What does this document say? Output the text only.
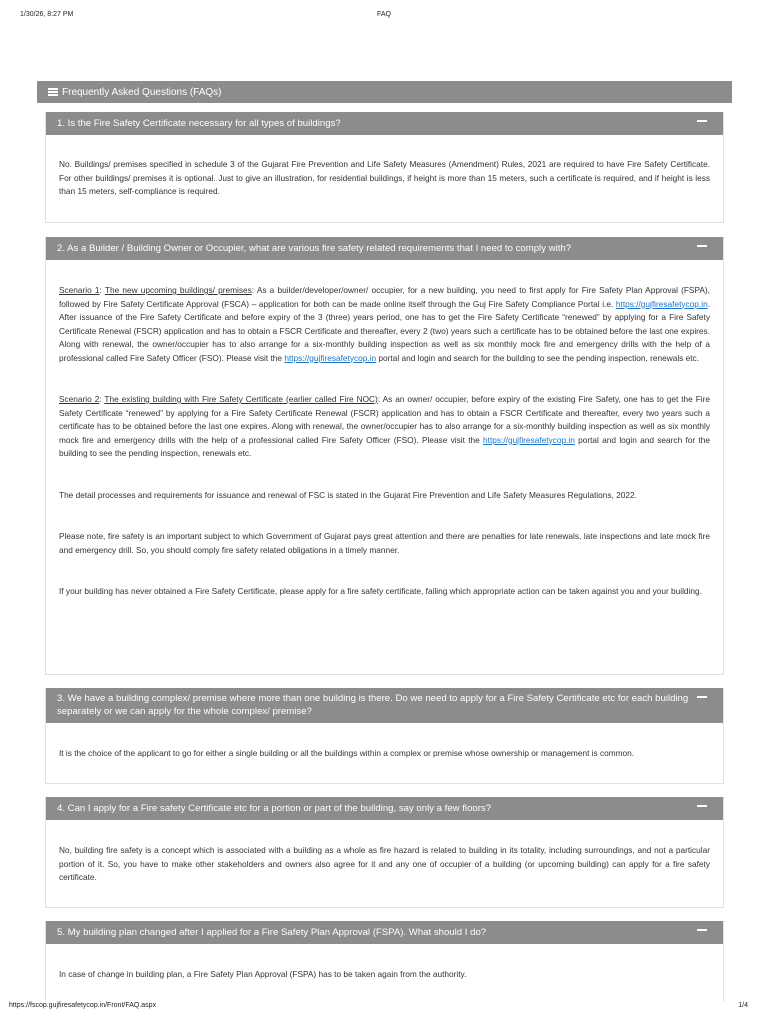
1/30/26, 8:27 PM	FAQ
Frequently Asked Questions (FAQs)
1. Is the Fire Safety Certificate necessary for all types of buildings?

No. Buildings/ premises specified in schedule 3 of the Gujarat Fire Prevention and Life Safety Measures (Amendment) Rules, 2021 are required to have Fire Safety Certificate. For other buildings/ premises it is optional. Just to give an illustration, for residential buildings, if height is more than 15 meters, such a certificate is required, and if height is less than 15 meters, self-compliance is required.

2. As a Builder / Building Owner or Occupier, what are various fire safety related requirements that I need to comply with?

Scenario 1: The new upcoming buildings/ premises: As a builder/developer/owner/ occupier, for a new building, you need to first apply for Fire Safety Plan Approval (FSPA), followed by Fire Safety Certificate Approval (FSCA) – application for both can be made online itself through the Guj Fire Safety Compliance Portal i.e. https://gujfiresafetycop.in. After issuance of the Fire Safety Certificate and before expiry of the 3 (three) years period, one has to get the Fire Safety Certificate “renewed” by applying for a Fire Safety Certificate Renewal (FSCR) application and has to obtain a FSCR Certificate and thereafter, every 2 (two) years such a certificate has to be obtained before the last one expires. Along with renewal, the owner/occupier has to also arrange for a six-monthly building inspection as well as six monthly mock fire and emergency drills with the help of a professional called Fire Safety Officer (FSO). Please visit the https://gujfiresafetycop.in portal and login and search for the building to see the pending inspection, renewals etc.

Scenario 2: The existing building with Fire Safety Certificate (earlier called Fire NOC): As an owner/ occupier, before expiry of the existing Fire Safety, one has to get the Fire Safety Certificate “renewed” by applying for a Fire Safety Certificate Renewal (FSCR) application and has to obtain a FSCR Certificate and thereafter, every two years such a certificate has to be obtained before the last one expires. Along with renewal, the owner/occupier has to also arrange for a six-monthly building inspection as well as six monthly mock fire and emergency drills with the help of a professional called Fire Safety Officer (FSO). Please visit the https://gujfiresafetycop.in portal and login and search for the building to see the pending inspection, renewals etc.

The detail processes and requirements for issuance and renewal of FSC is stated in the Gujarat Fire Prevention and Life Safety Measures Regulations, 2022.

Please note, fire safety is an important subject to which Government of Gujarat pays great attention and there are penalties for late renewals, late inspections and late mock fire and emergency drill. So, you should comply fire safety related obligations in a timely manner.

If your building has never obtained a Fire Safety Certificate, please apply for a fire safety certificate, failing which appropriate action can be taken against you and your building.

3. We have a building complex/ premise where more than one building is there. Do we need to apply for a Fire Safety Certificate etc for each building separately or we can apply for the whole complex/ premise?

It is the choice of the applicant to go for either a single building or all the buildings within a complex or premise whose ownership or management is common.

4. Can I apply for a Fire safety Certificate etc for a portion or part of the building, say only a few floors?

No, building fire safety is a concept which is associated with a building as a whole as fire hazard is related to building in its totality, including surroundings, and not a particular portion of it. So, you have to make other stakeholders and owners also agree for it and any one of occupier of a building (or upcoming building) can apply for a fire safety certificate.

5. My building plan changed after I applied for a Fire Safety Plan Approval (FSPA). What should I do?

In case of change in building plan, a Fire Safety Plan Approval (FSPA) has to be taken again from the authority.

https://fscop.gujfiresafetycop.in/Front/FAQ.aspx	1/4
